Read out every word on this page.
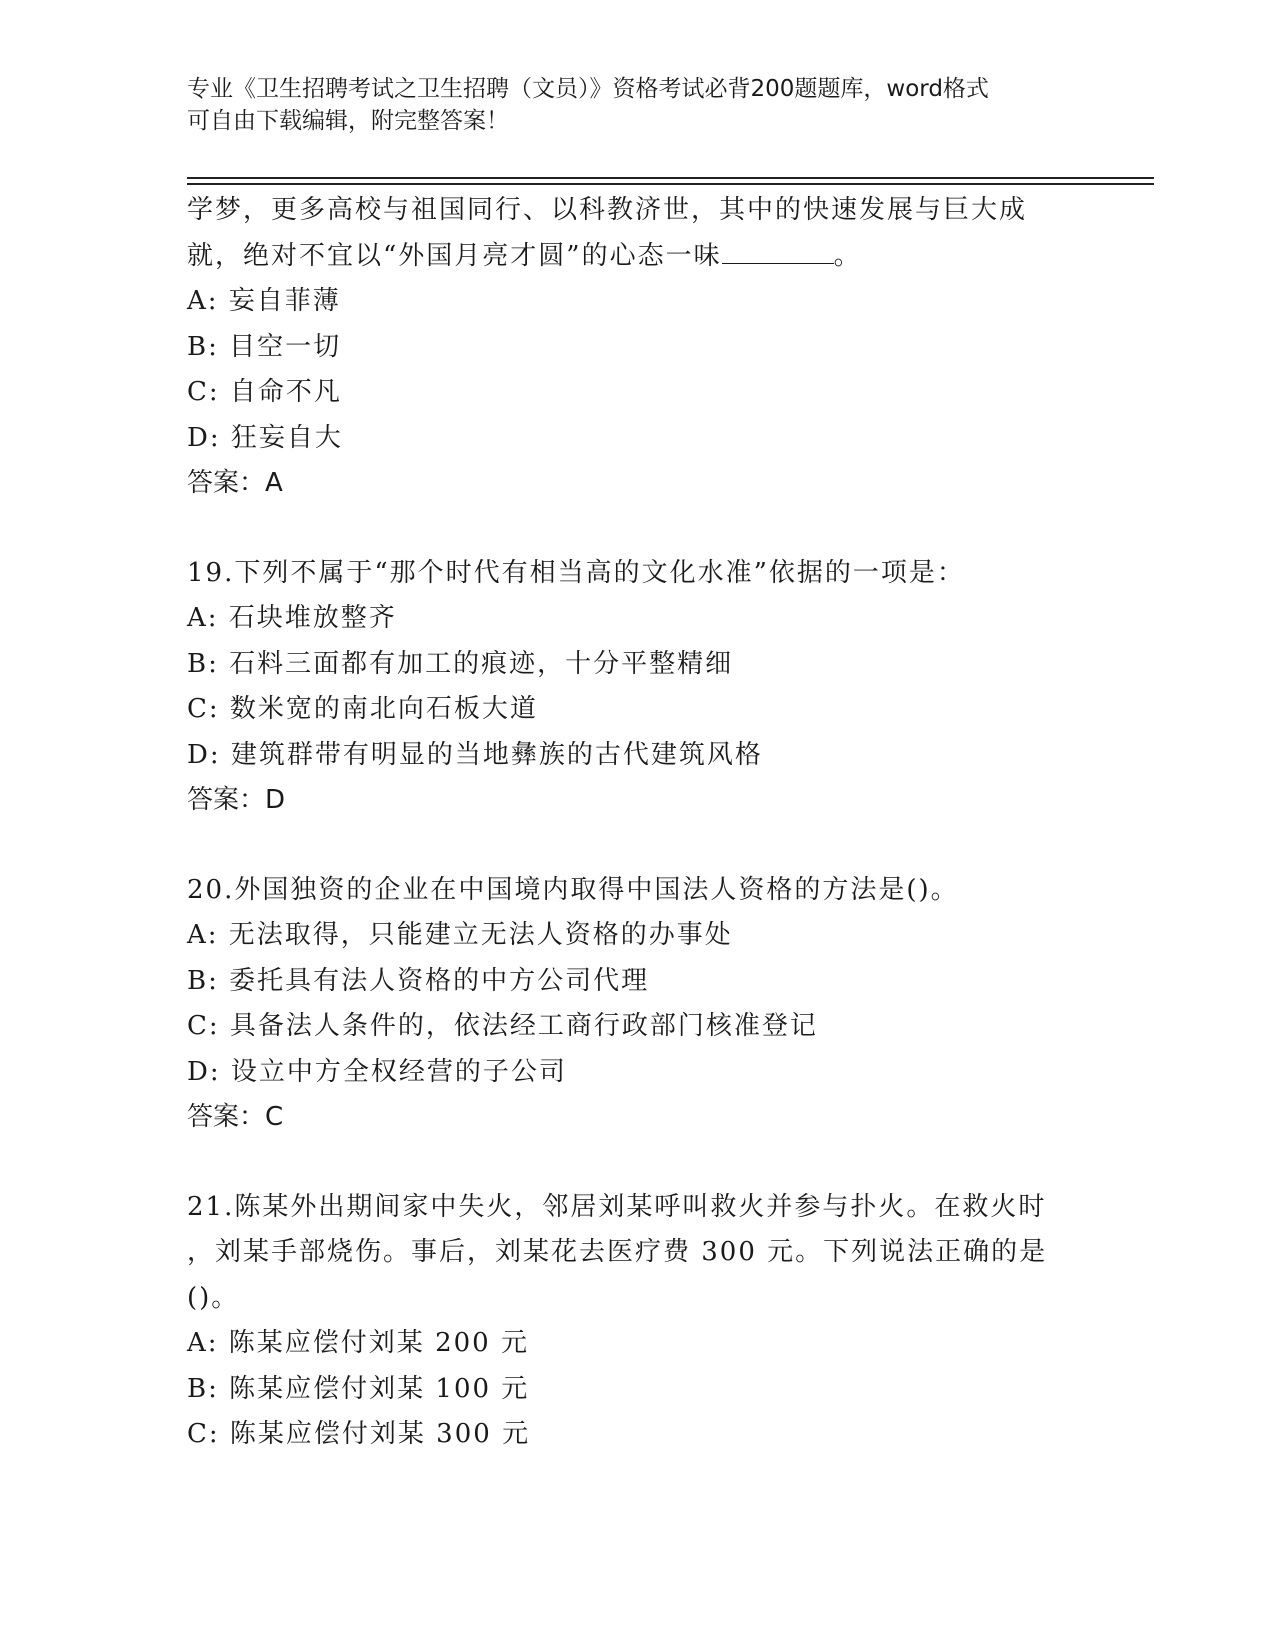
专业《卫生招聘考试之卫生招聘（文员）》资格考试必背200题题库，word格式
可自由下载编辑，附完整答案！
学梦，更多高校与祖国同行、以科教济世，其中的快速发展与巨大成
就，绝对不宜以“外国月亮才圆”的心态一味	。
A: 妄自菲薄
B: 目空一切
C: 自命不凡
D: 狂妄自大
答案：A
19.下列不属于“那个时代有相当高的文化水准”依据的一项是：
A: 石块堆放整齐
B: 石料三面都有加工的痕迹，十分平整精细
C: 数米宽的南北向石板大道
D: 建筑群带有明显的当地彝族的古代建筑风格
答案：D
20.外国独资的企业在中国境内取得中国法人资格的方法是()。
A: 无法取得，只能建立无法人资格的办事处
B: 委托具有法人资格的中方公司代理
C: 具备法人条件的，依法经工商行政部门核准登记
D: 设立中方全权经营的子公司
答案：C
21.陈某外出期间家中失火，邻居刘某呼叫救火并参与扑火。在救火时
，刘某手部烧伤。事后，刘某花去医疗费 300 元。下列说法正确的是
()。
A: 陈某应偿付刘某 200 元
B: 陈某应偿付刘某 100 元
C: 陈某应偿付刘某 300 元
